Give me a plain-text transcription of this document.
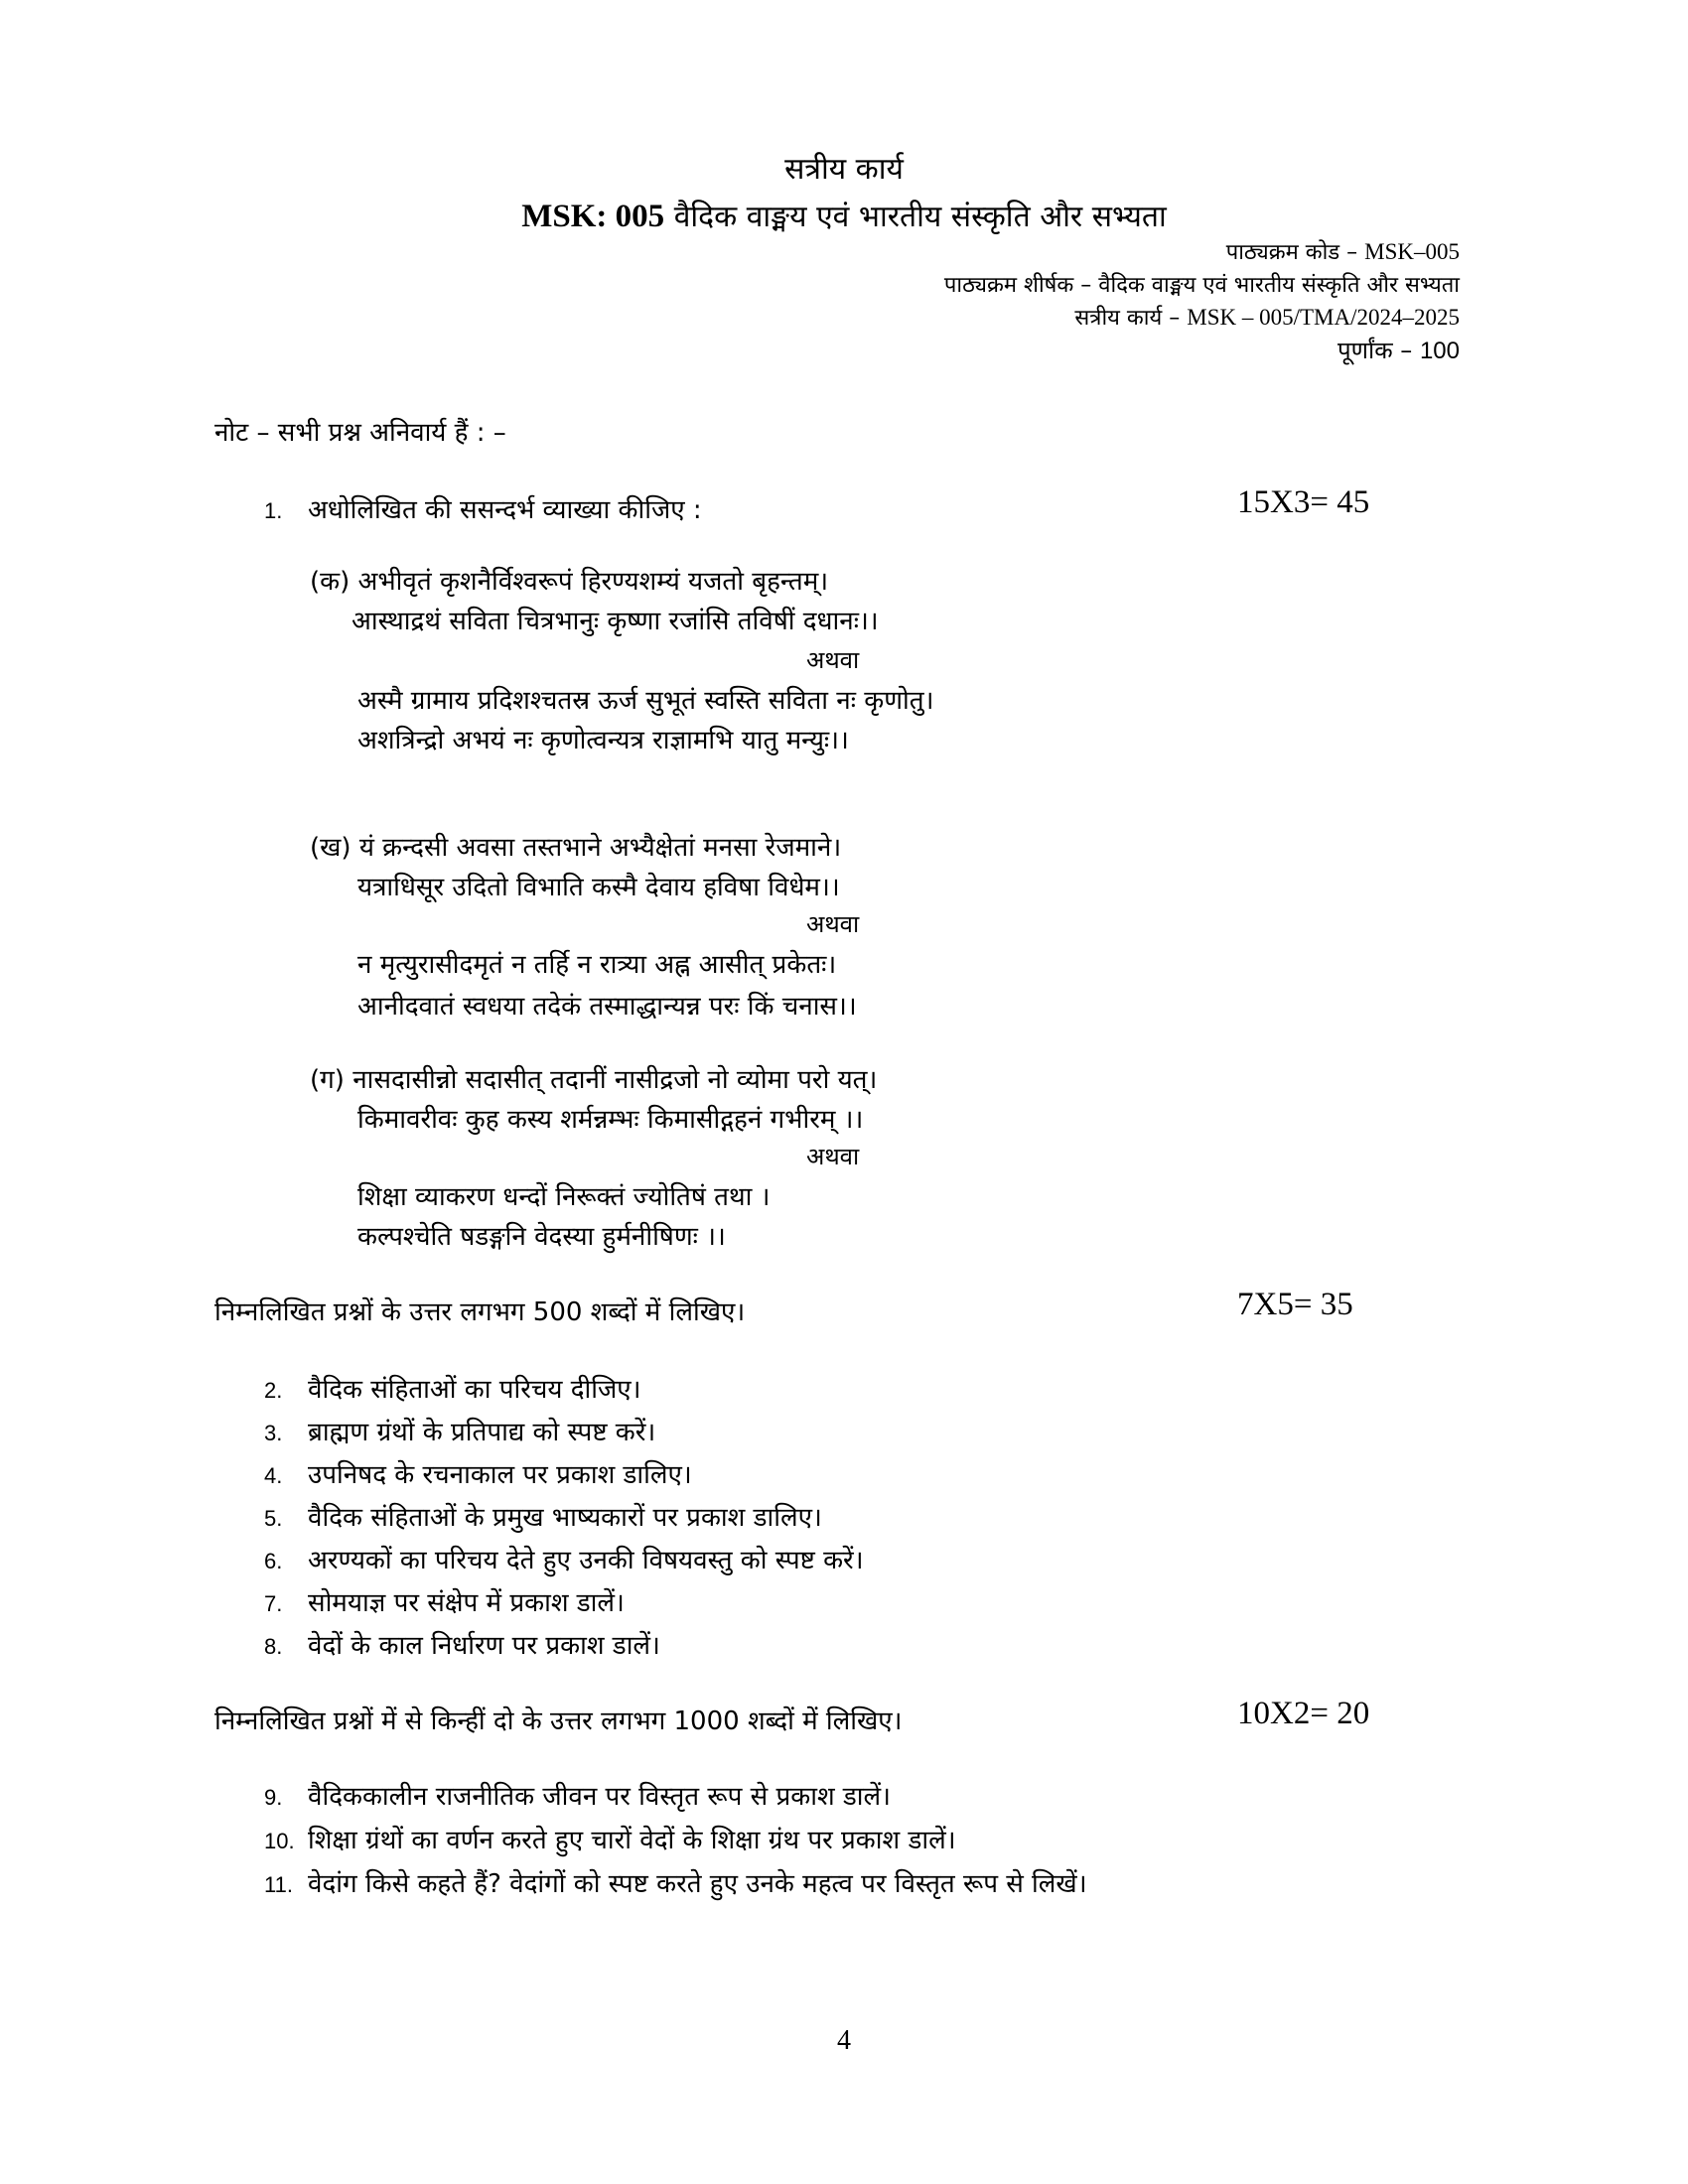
सत्रीय कार्य
MSK: 005 वैदिक वाङ्मय एवं भारतीय संस्कृति और सभ्यता
पाठ्यक्रम कोड – MSK–005
पाठ्यक्रम शीर्षक – वैदिक वाङ्मय एवं भारतीय संस्कृति और सभ्यता
सत्रीय कार्य – MSK – 005/TMA/2024–2025
पूर्णांक – 100
नोट – सभी प्रश्न अनिवार्य हैं : –
1. अधोलिखित की ससन्दर्भ व्याख्या कीजिए :	15X3= 45
(क) अभीवृतं कृशनैर्विश्वरूपं हिरण्यशम्यं यजतो बृहन्तम्।
आस्थाद्रथं सविता चित्रभानुः कृष्णा रजांसि तविषीं दधानः।।
अथवा
अस्मै ग्रामाय प्रदिशश्चतस्र ऊर्ज सुभूतं स्वस्ति सविता नः कृणोतु।
अशत्रिन्द्रो अभयं नः कृणोत्वन्यत्र राज्ञामभि यातु मन्युः।।
(ख) यं क्रन्दसी अवसा तस्तभाने अभ्यैक्षेतां मनसा रेजमाने।
यत्राधिसूर उदितो विभाति कस्मै देवाय हविषा विधेम।।
अथवा
न मृत्युरासीदमृतं न तर्हि न रात्र्या अह्न आसीत् प्रकेतः।
आनीदवातं स्वधया तदेकं तस्माद्धान्यन्न परः किं चनास।।
(ग) नासदासीन्नो सदासीत् तदानीं नासीद्रजो नो व्योमा परो यत्।
किमावरीवः कुह कस्य शर्मन्नम्भः किमासीद्गहनं गभीरम् ।।
अथवा
शिक्षा व्याकरण धन्दों निरूक्तं ज्योतिषं तथा ।
कल्पश्चेति षडङ्गनि वेदस्या हुर्मनीषिणः ।।
निम्नलिखित प्रश्नों के उत्तर लगभग 500 शब्दों में लिखिए।	7X5= 35
2. वैदिक संहिताओं का परिचय दीजिए।
3. ब्राह्मण ग्रंथों के प्रतिपाद्य को स्पष्ट करें।
4. उपनिषद के रचनाकाल पर प्रकाश डालिए।
5. वैदिक संहिताओं के प्रमुख भाष्यकारों पर प्रकाश डालिए।
6. अरण्यकों का परिचय देते हुए उनकी विषयवस्तु को स्पष्ट करें।
7. सोमयाज्ञ पर संक्षेप में प्रकाश डालें।
8. वेदों के काल निर्धारण पर प्रकाश डालें।
निम्नलिखित प्रश्नों में से किन्हीं दो के उत्तर लगभग 1000 शब्दों में लिखिए।	10X2= 20
9. वैदिककालीन राजनीतिक जीवन पर विस्तृत रूप से प्रकाश डालें।
10. शिक्षा ग्रंथों का वर्णन करते हुए चारों वेदों के शिक्षा ग्रंथ पर प्रकाश डालें।
11. वेदांग किसे कहते हैं? वेदांगों को स्पष्ट करते हुए उनके महत्व पर विस्तृत रूप से लिखें।
4
